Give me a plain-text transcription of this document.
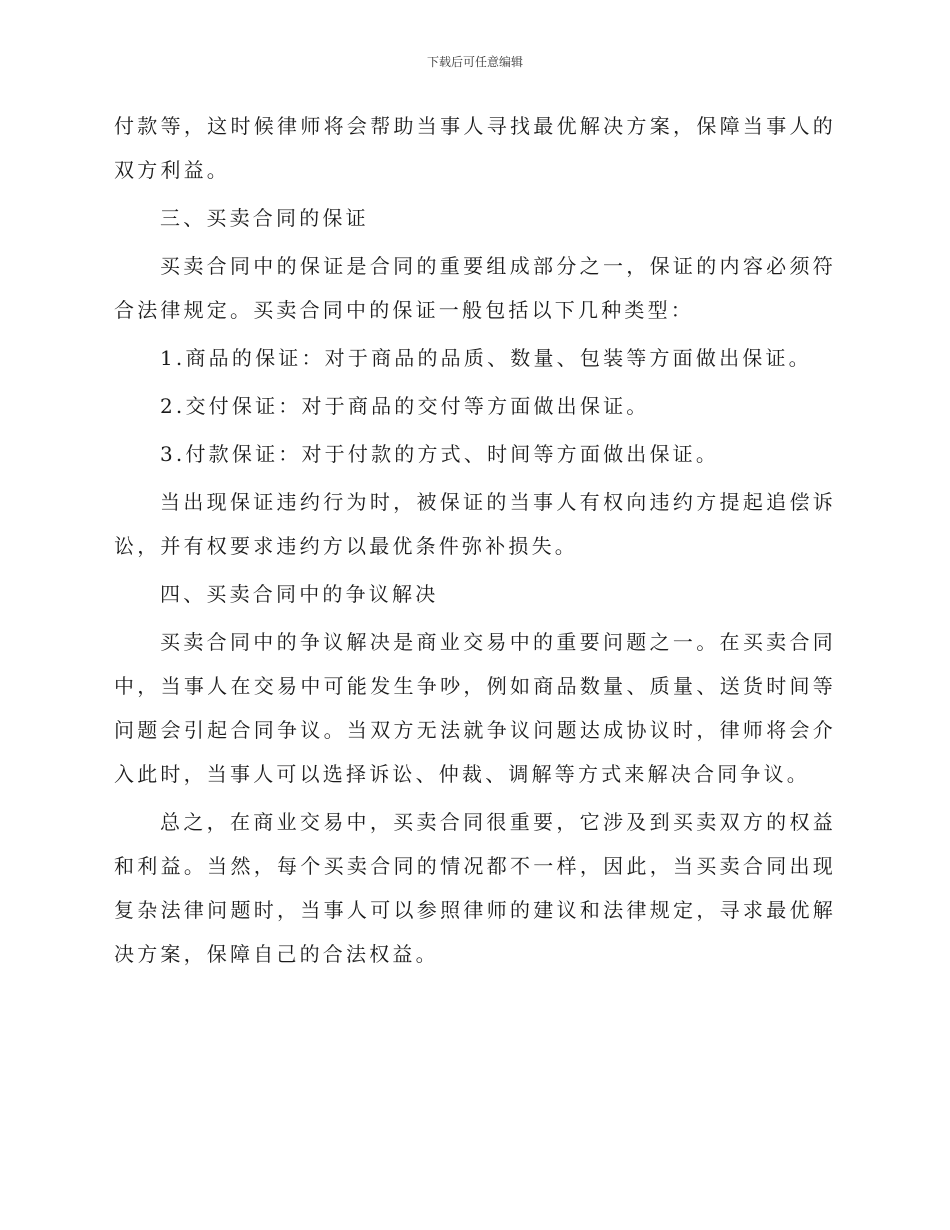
下载后可任意编辑

付款等，这时候律师将会帮助当事人寻找最优解决方案，保障当事人的双方利益。

三、买卖合同的保证

买卖合同中的保证是合同的重要组成部分之一，保证的内容必须符合法律规定。买卖合同中的保证一般包括以下几种类型：

1.商品的保证：对于商品的品质、数量、包装等方面做出保证。

2.交付保证：对于商品的交付等方面做出保证。

3.付款保证：对于付款的方式、时间等方面做出保证。

当出现保证违约行为时，被保证的当事人有权向违约方提起追偿诉讼，并有权要求违约方以最优条件弥补损失。

四、买卖合同中的争议解决

买卖合同中的争议解决是商业交易中的重要问题之一。在买卖合同中，当事人在交易中可能发生争吵，例如商品数量、质量、送货时间等问题会引起合同争议。当双方无法就争议问题达成协议时，律师将会介入此时，当事人可以选择诉讼、仲裁、调解等方式来解决合同争议。

总之，在商业交易中，买卖合同很重要，它涉及到买卖双方的权益和利益。当然，每个买卖合同的情况都不一样，因此，当买卖合同出现复杂法律问题时，当事人可以参照律师的建议和法律规定，寻求最优解决方案，保障自己的合法权益。
